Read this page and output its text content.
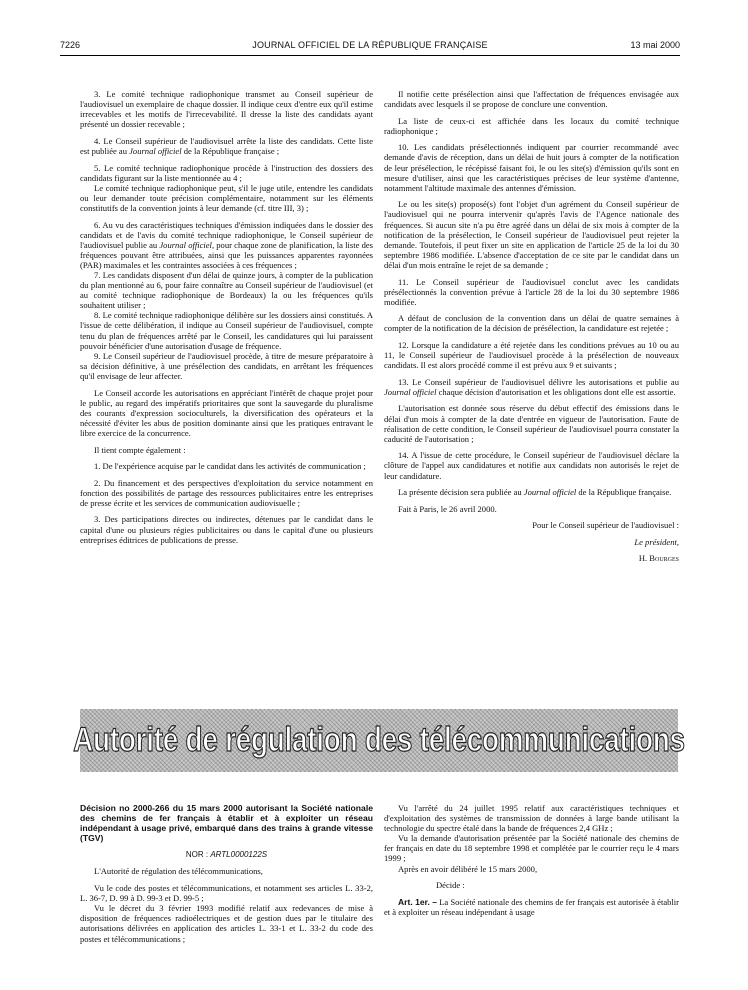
7226	JOURNAL OFFICIEL DE LA RÉPUBLIQUE FRANÇAISE	13 mai 2000

3. Le comité technique radiophonique transmet au Conseil supérieur de l'audiovisuel un exemplaire de chaque dossier. Il indique ceux d'entre eux qu'il estime irrecevables et les motifs de l'irrecevabilité. Il dresse la liste des candidats ayant présenté un dossier recevable ;

4. Le Conseil supérieur de l'audiovisuel arrête la liste des candidats. Cette liste est publiée au Journal officiel de la République française ;

5. Le comité technique radiophonique procède à l'instruction des dossiers des candidats figurant sur la liste mentionnée au 4 ;

Le comité technique radiophonique peut, s'il le juge utile, entendre les candidats ou leur demander toute précision complémentaire, notamment sur les éléments constitutifs de la convention joints à leur demande (cf. titre III, 3) ;

6. Au vu des caractéristiques techniques d'émission indiquées dans le dossier des candidats et de l'avis du comité technique radiophonique, le Conseil supérieur de l'audiovisuel publie au Journal officiel, pour chaque zone de planification, la liste des fréquences pouvant être attribuées, ainsi que les puissances apparentes rayonnées (PAR) maximales et les contraintes associées à ces fréquences ;

7. Les candidats disposent d'un délai de quinze jours, à compter de la publication du plan mentionné au 6, pour faire connaître au Conseil supérieur de l'audiovisuel (et au comité technique radiophonique de Bordeaux) la ou les fréquences qu'ils souhaitent utiliser ;

8. Le comité technique radiophonique délibère sur les dossiers ainsi constitués. A l'issue de cette délibération, il indique au Conseil supérieur de l'audiovisuel, compte tenu du plan de fréquences arrêté par le Conseil, les candidatures qui lui paraissent pouvoir bénéficier d'une autorisation d'usage de fréquence.

9. Le Conseil supérieur de l'audiovisuel procède, à titre de mesure préparatoire à sa décision définitive, à une présélection des candidats, en arrêtant les fréquences qu'il envisage de leur affecter.

Le Conseil accorde les autorisations en appréciant l'intérêt de chaque projet pour le public, au regard des impératifs prioritaires que sont la sauvegarde du pluralisme des courants d'expression socioculturels, la diversification des opérateurs et la nécessité d'éviter les abus de position dominante ainsi que les pratiques entravant le libre exercice de la concurrence.

Il tient compte également :

1. De l'expérience acquise par le candidat dans les activités de communication ;

2. Du financement et des perspectives d'exploitation du service notamment en fonction des possibilités de partage des ressources publicitaires entre les entreprises de presse écrite et les services de communication audiovisuelle ;

3. Des participations directes ou indirectes, détenues par le candidat dans le capital d'une ou plusieurs régies publicitaires ou dans le capital d'une ou plusieurs entreprises éditrices de publications de presse.

Il notifie cette présélection ainsi que l'affectation de fréquences envisagée aux candidats avec lesquels il se propose de conclure une convention.

La liste de ceux-ci est affichée dans les locaux du comité technique radiophonique ;

10. Les candidats présélectionnés indiquent par courrier recommandé avec demande d'avis de réception, dans un délai de huit jours à compter de la notification de leur présélection, le récépissé faisant foi, le ou les site(s) d'émission qu'ils sont en mesure d'utiliser, ainsi que les caractéristiques précises de leur système d'antenne, notamment l'altitude maximale des antennes d'émission.

Le ou les site(s) proposé(s) font l'objet d'un agrément du Conseil supérieur de l'audiovisuel qui ne pourra intervenir qu'après l'avis de l'Agence nationale des fréquences. Si aucun site n'a pu être agréé dans un délai de six mois à compter de la notification de la présélection, le Conseil supérieur de l'audiovisuel peut rejeter la demande. Toutefois, il peut fixer un site en application de l'article 25 de la loi du 30 septembre 1986 modifiée. L'absence d'acceptation de ce site par le candidat dans un délai d'un mois entraîne le rejet de sa demande ;

11. Le Conseil supérieur de l'audiovisuel conclut avec les candidats présélectionnés la convention prévue à l'article 28 de la loi du 30 septembre 1986 modifiée.

A défaut de conclusion de la convention dans un délai de quatre semaines à compter de la notification de la décision de présélection, la candidature est rejetée ;

12. Lorsque la candidature a été rejetée dans les conditions prévues au 10 ou au 11, le Conseil supérieur de l'audiovisuel procède à la présélection de nouveaux candidats. Il est alors procédé comme il est prévu aux 9 et suivants ;

13. Le Conseil supérieur de l'audiovisuel délivre les autorisations et publie au Journal officiel chaque décision d'autorisation et les obligations dont elle est assortie.

L'autorisation est donnée sous réserve du début effectif des émissions dans le délai d'un mois à compter de la date d'entrée en vigueur de l'autorisation. Faute de réalisation de cette condition, le Conseil supérieur de l'audiovisuel pourra constater la caducité de l'autorisation ;

14. A l'issue de cette procédure, le Conseil supérieur de l'audiovisuel déclare la clôture de l'appel aux candidatures et notifie aux candidats non autorisés le rejet de leur candidature.

La présente décision sera publiée au Journal officiel de la République française.

Fait à Paris, le 26 avril 2000.

Pour le Conseil supérieur de l'audiovisuel :

Le président,

H. Bourges

Autorité de régulation des télécommunications

Décision no 2000-266 du 15 mars 2000 autorisant la Société nationale des chemins de fer français à établir et à exploiter un réseau indépendant à usage privé, embarqué dans des trains à grande vitesse (TGV)

NOR : ARTL0000122S

L'Autorité de régulation des télécommunications,

Vu le code des postes et télécommunications, et notamment ses articles L. 33-2, L. 36-7, D. 99 à D. 99-3 et D. 99-5 ;

Vu le décret du 3 février 1993 modifié relatif aux redevances de mise à disposition de fréquences radioélectriques et de gestion dues par le titulaire des autorisations délivrées en application des articles L. 33-1 et L. 33-2 du code des postes et télécommunications ;

Vu l'arrêté du 24 juillet 1995 relatif aux caractéristiques techniques et d'exploitation des systèmes de transmission de données à large bande utilisant la technologie du spectre étalé dans la bande de fréquences 2,4 GHz ;

Vu la demande d'autorisation présentée par la Société nationale des chemins de fer français en date du 18 septembre 1998 et complétée par le courrier reçu le 4 mars 1999 ;

Après en avoir délibéré le 15 mars 2000,

Décide :

Art. 1er. – La Société nationale des chemins de fer français est autorisée à établir et à exploiter un réseau indépendant à usage
